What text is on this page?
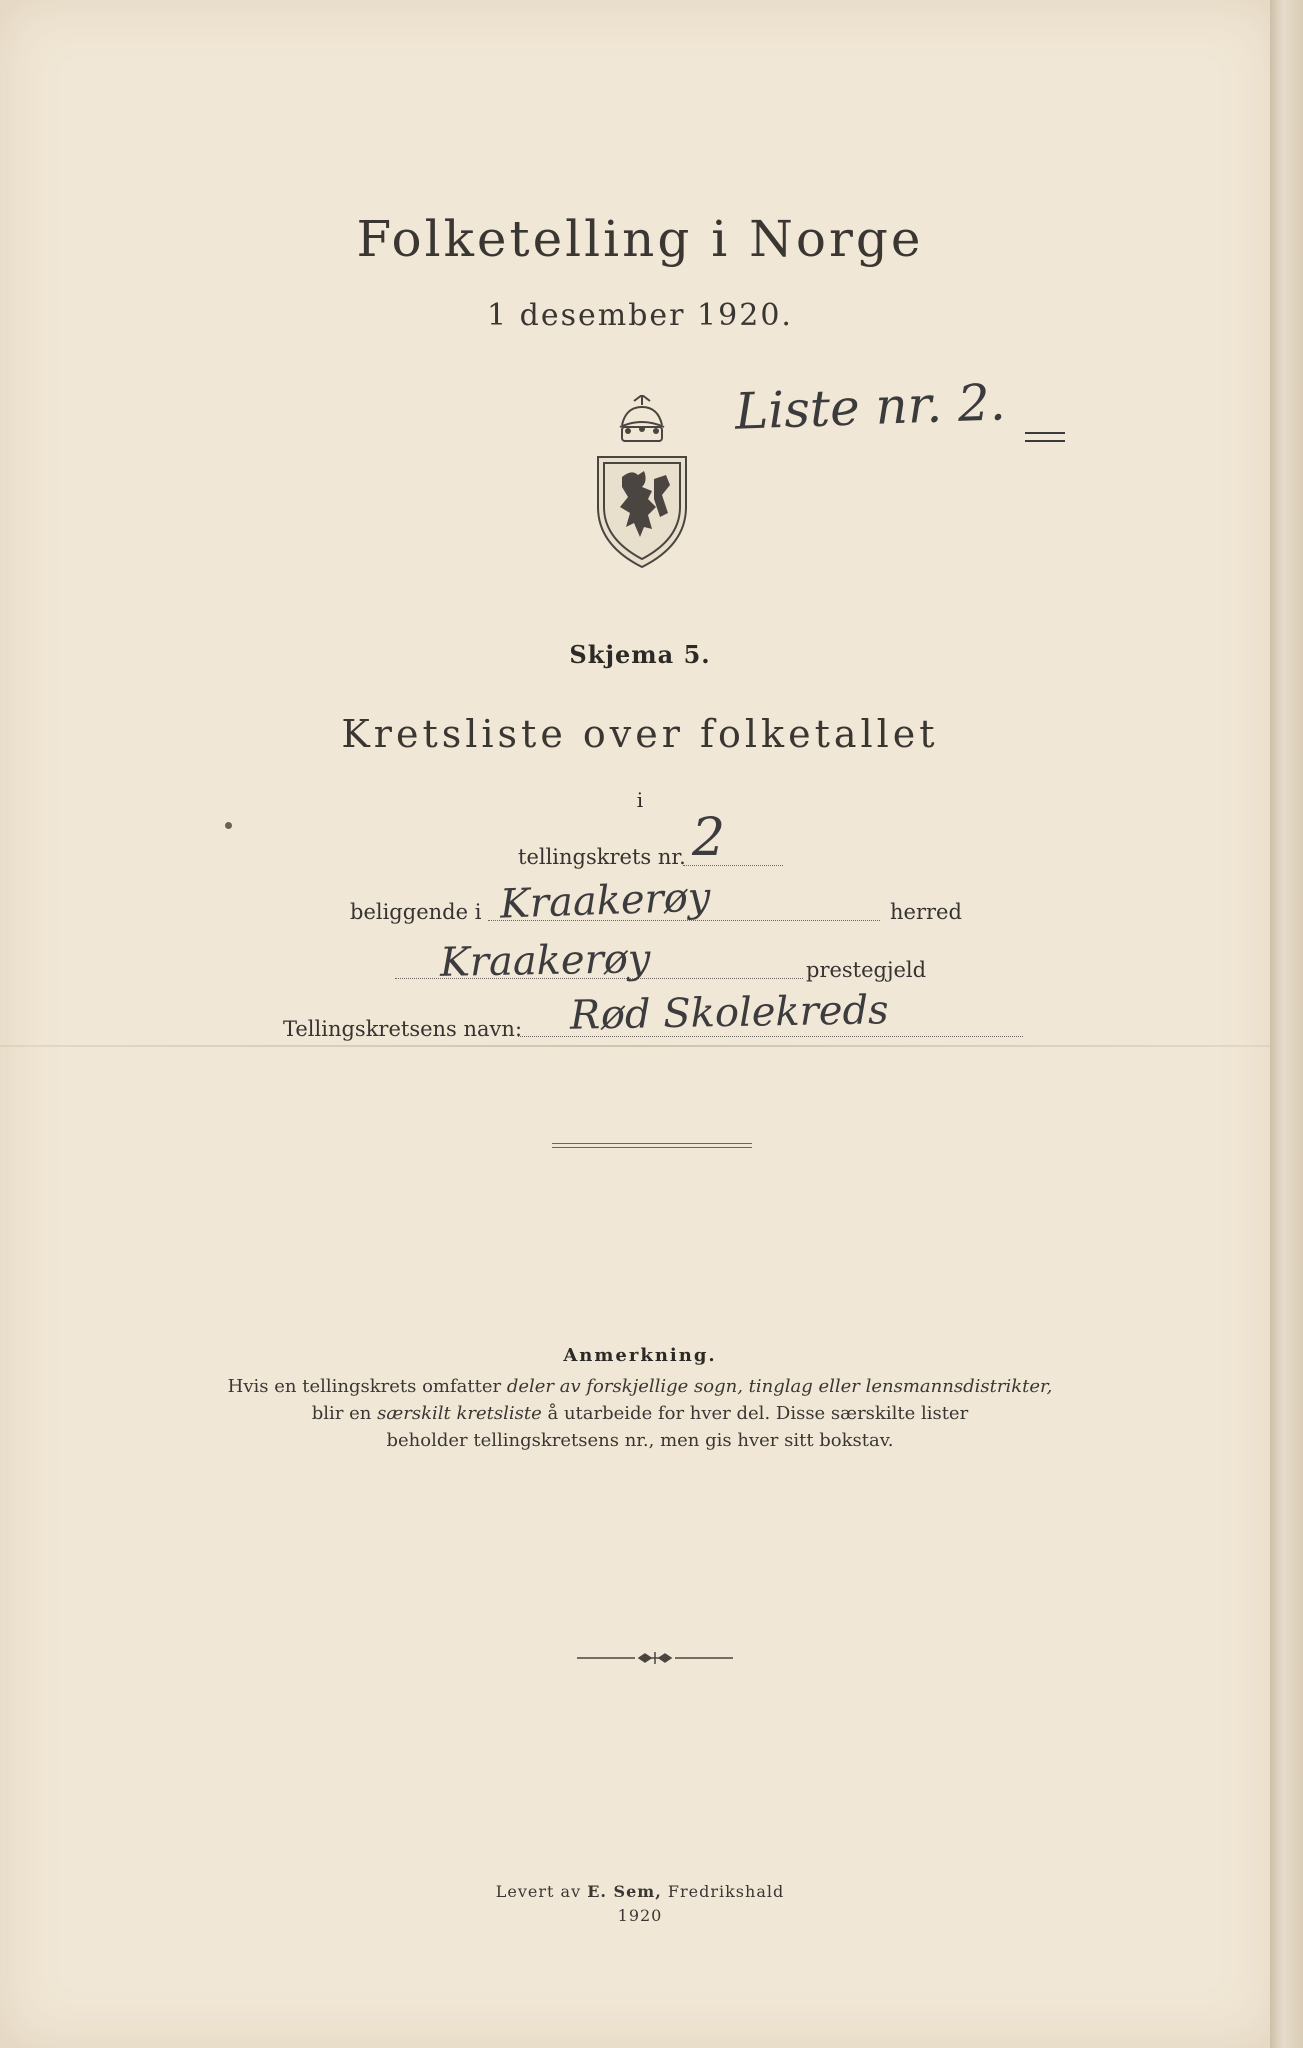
Folketelling i Norge
1 desember 1920.
Liste nr. 2.
Skjema 5.
Kretsliste over folketallet
i
tellingskrets nr. 2
beliggende i Kraakerøy	herred
Kraakerøy	prestegjeld
Tellingskretsens navn: Rød Skolekreds
Anmerkning.
Hvis en tellingskrets omfatter deler av forskjellige sogn, tinglag eller lensmannsdistrikter,
blir en særskilt kretsliste å utarbeide for hver del. Disse særskilte lister
beholder tellingskretsens nr., men gis hver sitt bokstav.
Levert av E. Sem, Fredrikshald
1920
